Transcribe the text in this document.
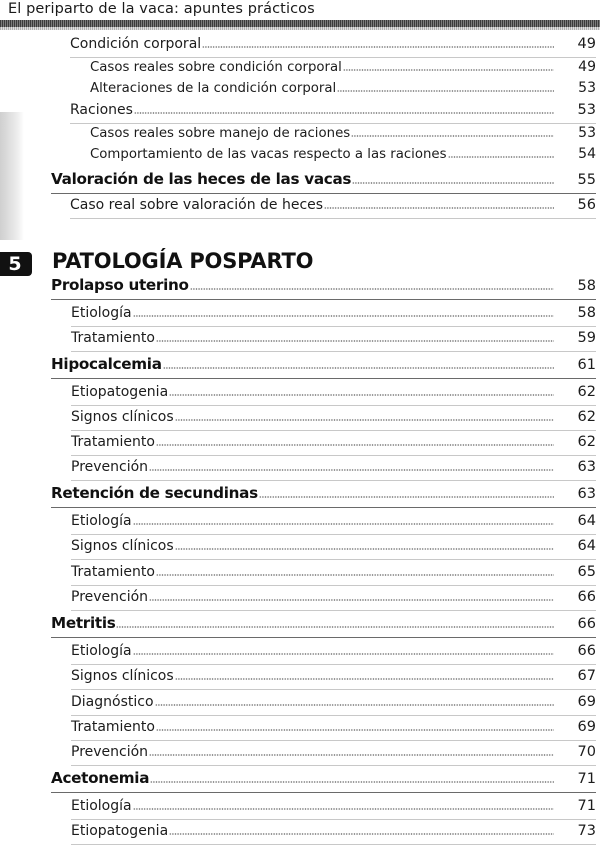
El periparto de la vaca: apuntes prácticos
Condición corporal	49
Casos reales sobre condición corporal	49
Alteraciones de la condición corporal	53
Raciones	53
Casos reales sobre manejo de raciones	53
Comportamiento de las vacas respecto a las raciones	54
Valoración de las heces de las vacas	55
Caso real sobre valoración de heces	56
5	PATOLOGÍA POSPARTO
Prolapso uterino	58
Etiología	58
Tratamiento	59
Hipocalcemia	61
Etiopatogenia	62
Signos clínicos	62
Tratamiento	62
Prevención	63
Retención de secundinas	63
Etiología	64
Signos clínicos	64
Tratamiento	65
Prevención	66
Metritis	66
Etiología	66
Signos clínicos	67
Diagnóstico	69
Tratamiento	69
Prevención	70
Acetonemia	71
Etiología	71
Etiopatogenia	73
